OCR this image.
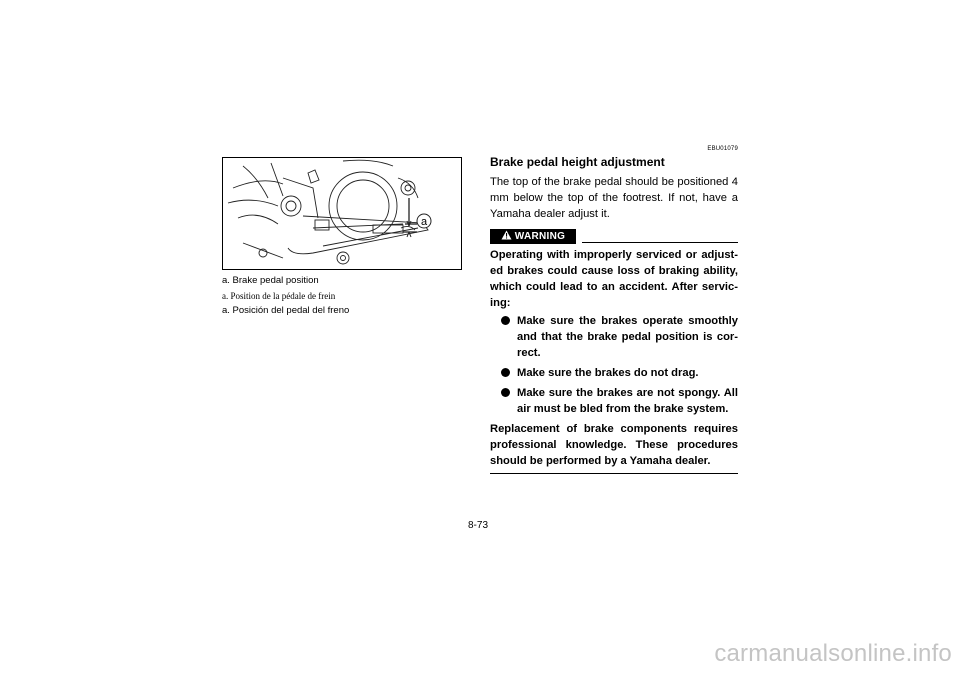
a
a. Brake pedal position
a. Position de la pédale de frein
a. Posición del pedal del freno
EBU01079
Brake pedal height adjustment
The top of the brake pedal should be positioned 4 mm below the top of the footrest. If not, have a Yamaha dealer adjust it.
WARNING
Operating with improperly serviced or adjust-ed brakes could cause loss of braking ability, which could lead to an accident. After servic-ing:
Make sure the brakes operate smoothly and that the brake pedal position is cor-rect.
Make sure the brakes do not drag.
Make sure the brakes are not spongy. All air must be bled from the brake system.
Replacement of brake components requires professional knowledge. These procedures should be performed by a Yamaha dealer.
8-73
carmanualsonline.info
